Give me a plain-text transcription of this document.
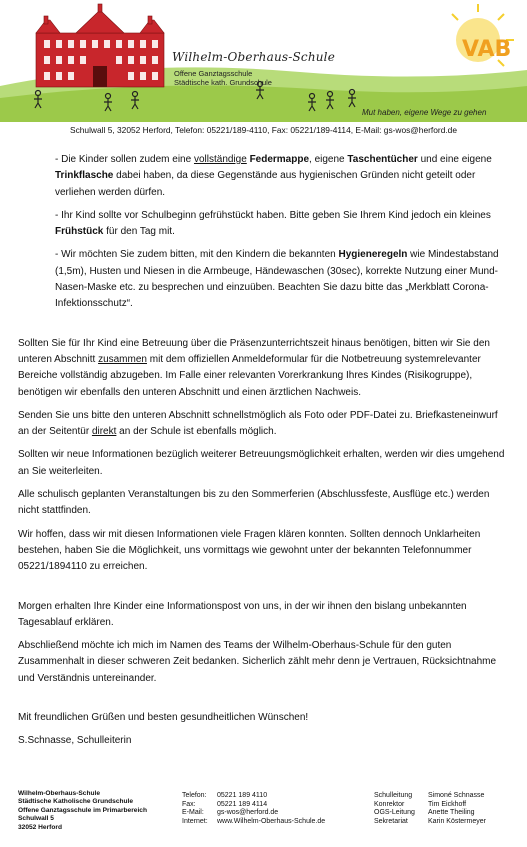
VAB
Wilhelm-Oberhaus-Schule
Offene Ganztagsschule
Städtische kath. Grundschule
Mut haben, eigene Wege zu gehen
Schulwall 5, 32052 Herford, Telefon: 05221/189-4110, Fax: 05221/189-4114, E-Mail: gs-wos@herford.de

- Die Kinder sollen zudem eine vollständige Federmappe, eigene Taschentücher und eine eigene Trinkflasche dabei haben, da diese Gegenstände aus hygienischen Gründen nicht geteilt oder verliehen werden dürfen.

- Ihr Kind sollte vor Schulbeginn gefrühstückt haben. Bitte geben Sie Ihrem Kind jedoch ein kleines Frühstück für den Tag mit.

- Wir möchten Sie zudem bitten, mit den Kindern die bekannten Hygieneregeln wie Mindestabstand (1,5m), Husten und Niesen in die Armbeuge, Händewaschen (30sec), korrekte Nutzung einer Mund-Nasen-Maske etc. zu besprechen und einzuüben. Beachten Sie dazu bitte das „Merkblatt Corona-Infektionsschutz“.

Sollten Sie für Ihr Kind eine Betreuung über die Präsenzunterrichtszeit hinaus benötigen, bitten wir Sie den unteren Abschnitt zusammen mit dem offiziellen Anmeldeformular für die Notbetreuung systemrelevanter Bereiche vollständig abzugeben. Im Falle einer relevanten Vorerkrankung Ihres Kindes (Risikogruppe), benötigen wir ebenfalls den unteren Abschnitt und einen ärztlichen Nachweis.

Senden Sie uns bitte den unteren Abschnitt schnellstmöglich als Foto oder PDF-Datei zu. Briefkasteneinwurf an der Seitentür direkt an der Schule ist ebenfalls möglich.

Sollten wir neue Informationen bezüglich weiterer Betreuungsmöglichkeit erhalten, werden wir dies umgehend an Sie weiterleiten.

Alle schulisch geplanten Veranstaltungen bis zu den Sommerferien (Abschlussfeste, Ausflüge etc.) werden nicht stattfinden.

Wir hoffen, dass wir mit diesen Informationen viele Fragen klären konnten. Sollten dennoch Unklarheiten bestehen, haben Sie die Möglichkeit, uns vormittags wie gewohnt unter der bekannten Telefonnummer 05221/1894110 zu erreichen.

Morgen erhalten Ihre Kinder eine Informationspost von uns, in der wir ihnen den bislang unbekannten Tagesablauf erklären.

Abschließend möchte ich mich im Namen des Teams der Wilhelm-Oberhaus-Schule für den guten Zusammenhalt in dieser schweren Zeit bedanken. Sicherlich zählt mehr denn je Vertrauen, Rücksichtnahme und Verständnis untereinander.

Mit freundlichen Grüßen und besten gesundheitlichen Wünschen!

S.Schnasse, Schulleiterin

Wilhelm-Oberhaus-Schule
Städtische Katholische Grundschule
Offene Ganztagsschule im Primarbereich
Schulwall 5
32052 Herford
Telefon: 05221 189 4110
Fax:	05221 189 4114
E-Mail: gs-wos@herford.de
Internet: www.Wilhelm-Oberhaus-Schule.de
Schulleitung Simoné Schnasse
Konrektor	Tim Eickhoff
OGS-Leitung Anette Theiling
Sekretariat	Karin Köstermeyer
